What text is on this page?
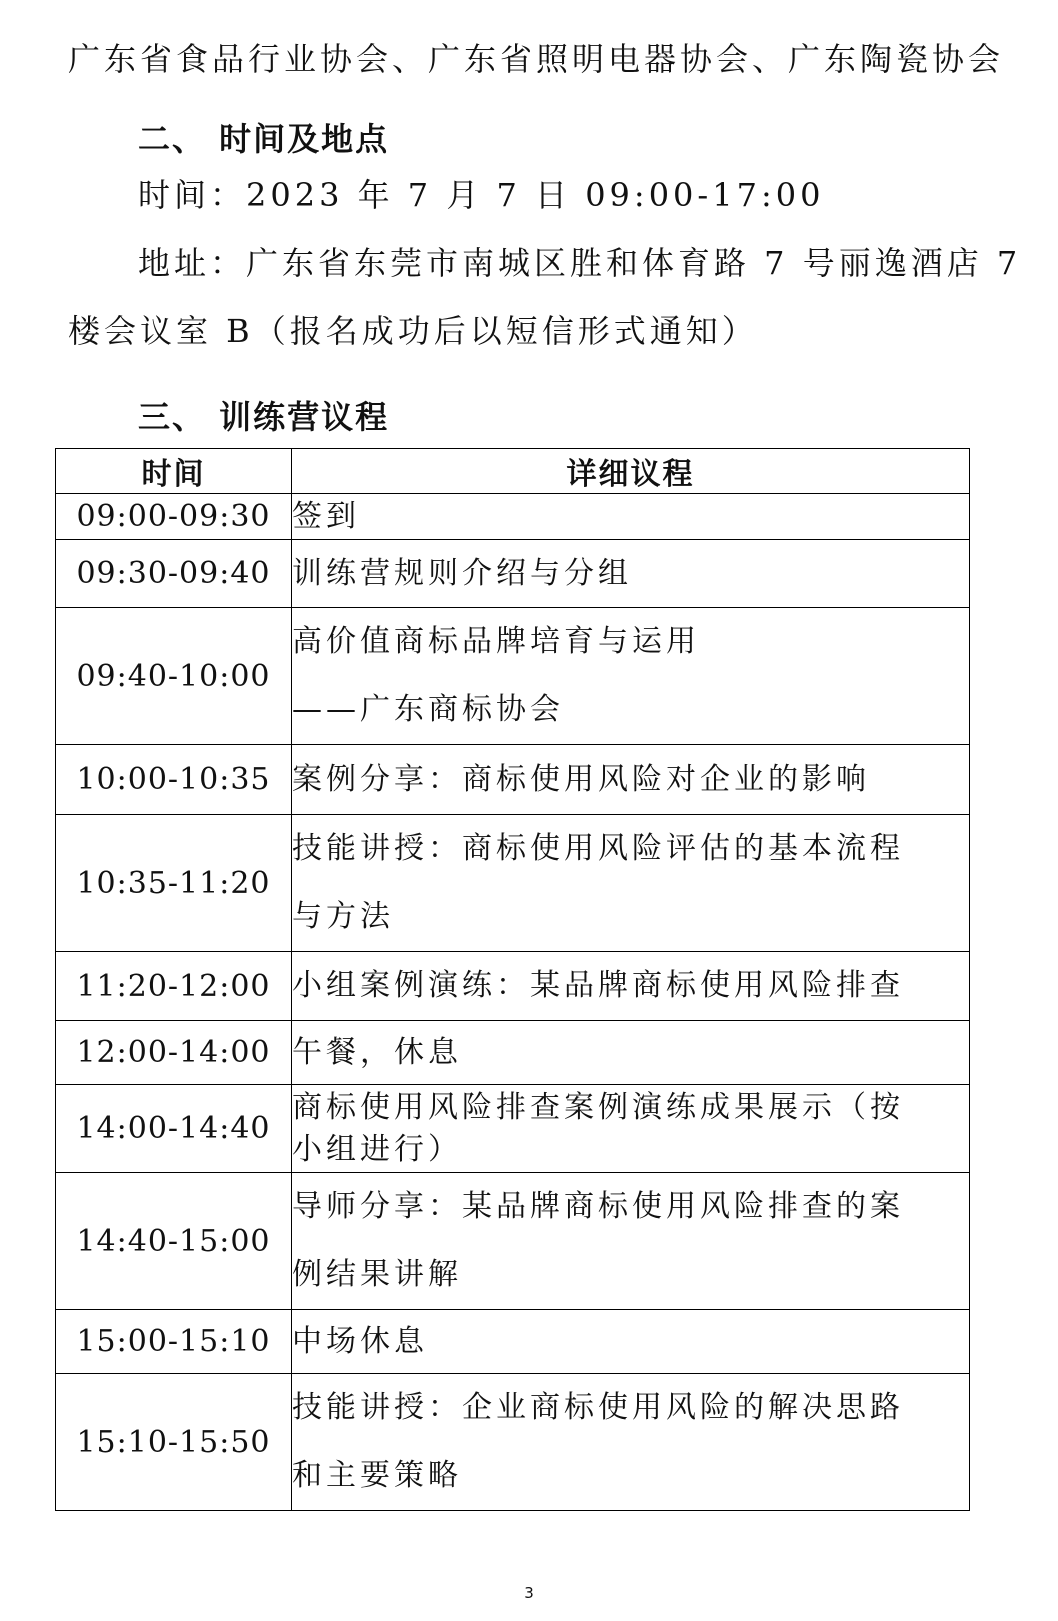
广东省食品行业协会、广东省照明电器协会、广东陶瓷协会
二、 时间及地点
时间：2023 年 7 月 7 日 09:00-17:00
地址：广东省东莞市南城区胜和体育路 7 号丽逸酒店 7
楼会议室 B（报名成功后以短信形式通知）
三、 训练营议程
时间	详细议程
09:00-09:30	签到

09:30-09:40	训练营规则介绍与分组

09:40-10:00	高价值商标品牌培育与运用
——广东商标协会

10:00-10:35	案例分享：商标使用风险对企业的影响

10:35-11:20	技能讲授：商标使用风险评估的基本流程
与方法

11:20-12:00	小组案例演练：某品牌商标使用风险排查

12:00-14:00	午餐，休息

14:00-14:40	商标使用风险排查案例演练成果展示（按
小组进行）

14:40-15:00	导师分享：某品牌商标使用风险排查的案
例结果讲解

15:00-15:10	中场休息

15:10-15:50	技能讲授：企业商标使用风险的解决思路
和主要策略
3
